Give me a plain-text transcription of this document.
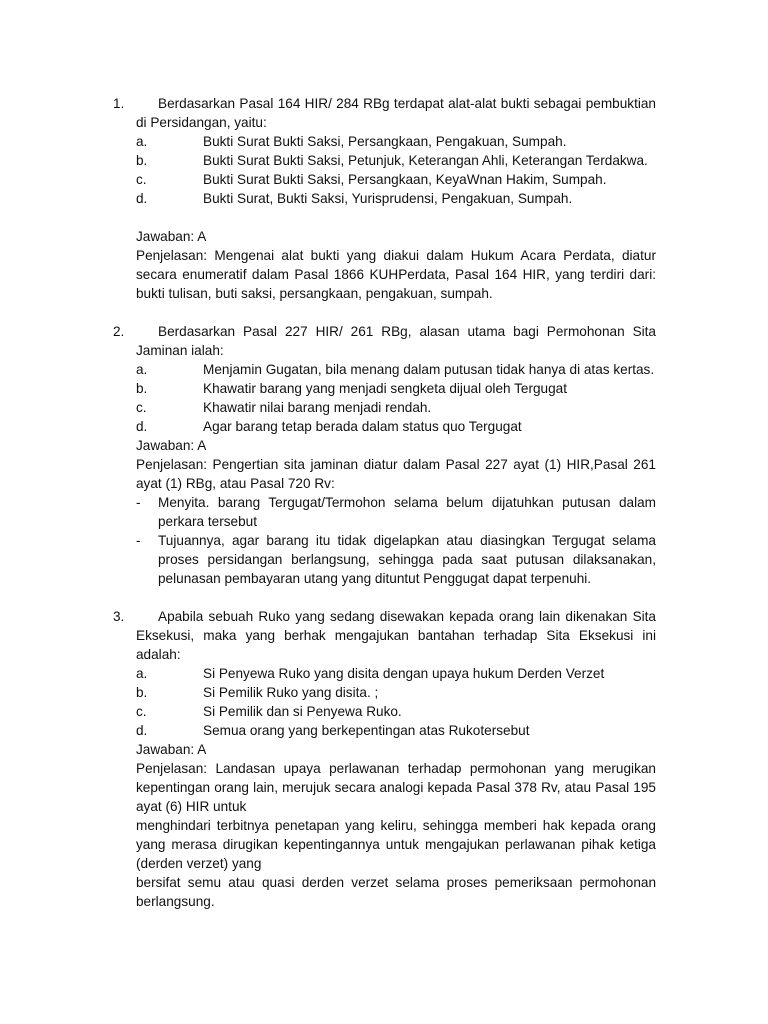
1.	Berdasarkan Pasal 164 HIR/ 284 RBg terdapat alat-alat bukti sebagai pembuktian di Persidangan, yaitu:
a.	Bukti Surat Bukti Saksi, Persangkaan, Pengakuan, Sumpah.
b.	Bukti Surat Bukti Saksi, Petunjuk, Keterangan Ahli, Keterangan Terdakwa.
c.	Bukti Surat Bukti Saksi, Persangkaan, KeyaWnan Hakim, Sumpah.
d.	Bukti Surat, Bukti Saksi, Yurisprudensi, Pengakuan, Sumpah.
Jawaban: A
Penjelasan: Mengenai alat bukti yang diakui dalam Hukum Acara Perdata, diatur secara enumeratif dalam Pasal 1866 KUHPerdata, Pasal 164 HIR, yang terdiri dari: bukti tulisan, buti saksi, persangkaan, pengakuan, sumpah.
2.	Berdasarkan Pasal 227 HIR/ 261 RBg, alasan utama bagi Permohonan Sita Jaminan ialah:
a.	Menjamin Gugatan, bila menang dalam putusan tidak hanya di atas kertas.
b.	Khawatir barang yang menjadi sengketa dijual oleh Tergugat
c.	Khawatir nilai barang menjadi rendah.
d.	Agar barang tetap berada dalam status quo Tergugat
Jawaban: A
Penjelasan: Pengertian sita jaminan diatur dalam Pasal 227 ayat (1) HIR,Pasal 261 ayat (1) RBg, atau Pasal 720 Rv:
- Menyita. barang Tergugat/Termohon selama belum dijatuhkan putusan dalam perkara tersebut
- Tujuannya, agar barang itu tidak digelapkan atau diasingkan Tergugat selama proses persidangan berlangsung, sehingga pada saat putusan dilaksanakan, pelunasan pembayaran utang yang dituntut Penggugat dapat terpenuhi.
3.	Apabila sebuah Ruko yang sedang disewakan kepada orang lain dikenakan Sita Eksekusi, maka yang berhak mengajukan bantahan terhadap Sita Eksekusi ini adalah:
a.	Si Penyewa Ruko yang disita dengan upaya hukum Derden Verzet
b.	Si Pemilik Ruko yang disita. ;
c.	Si Pemilik dan si Penyewa Ruko.
d.	Semua orang yang berkepentingan atas Rukotersebut
Jawaban: A
Penjelasan: Landasan upaya perlawanan terhadap permohonan yang merugikan kepentingan orang lain, merujuk secara analogi kepada Pasal 378 Rv, atau Pasal 195 ayat (6) HIR untuk
menghindari terbitnya penetapan yang keliru, sehingga memberi hak kepada orang yang merasa dirugikan kepentingannya untuk mengajukan perlawanan pihak ketiga (derden verzet) yang
bersifat semu atau quasi derden verzet selama proses pemeriksaan permohonan berlangsung.
